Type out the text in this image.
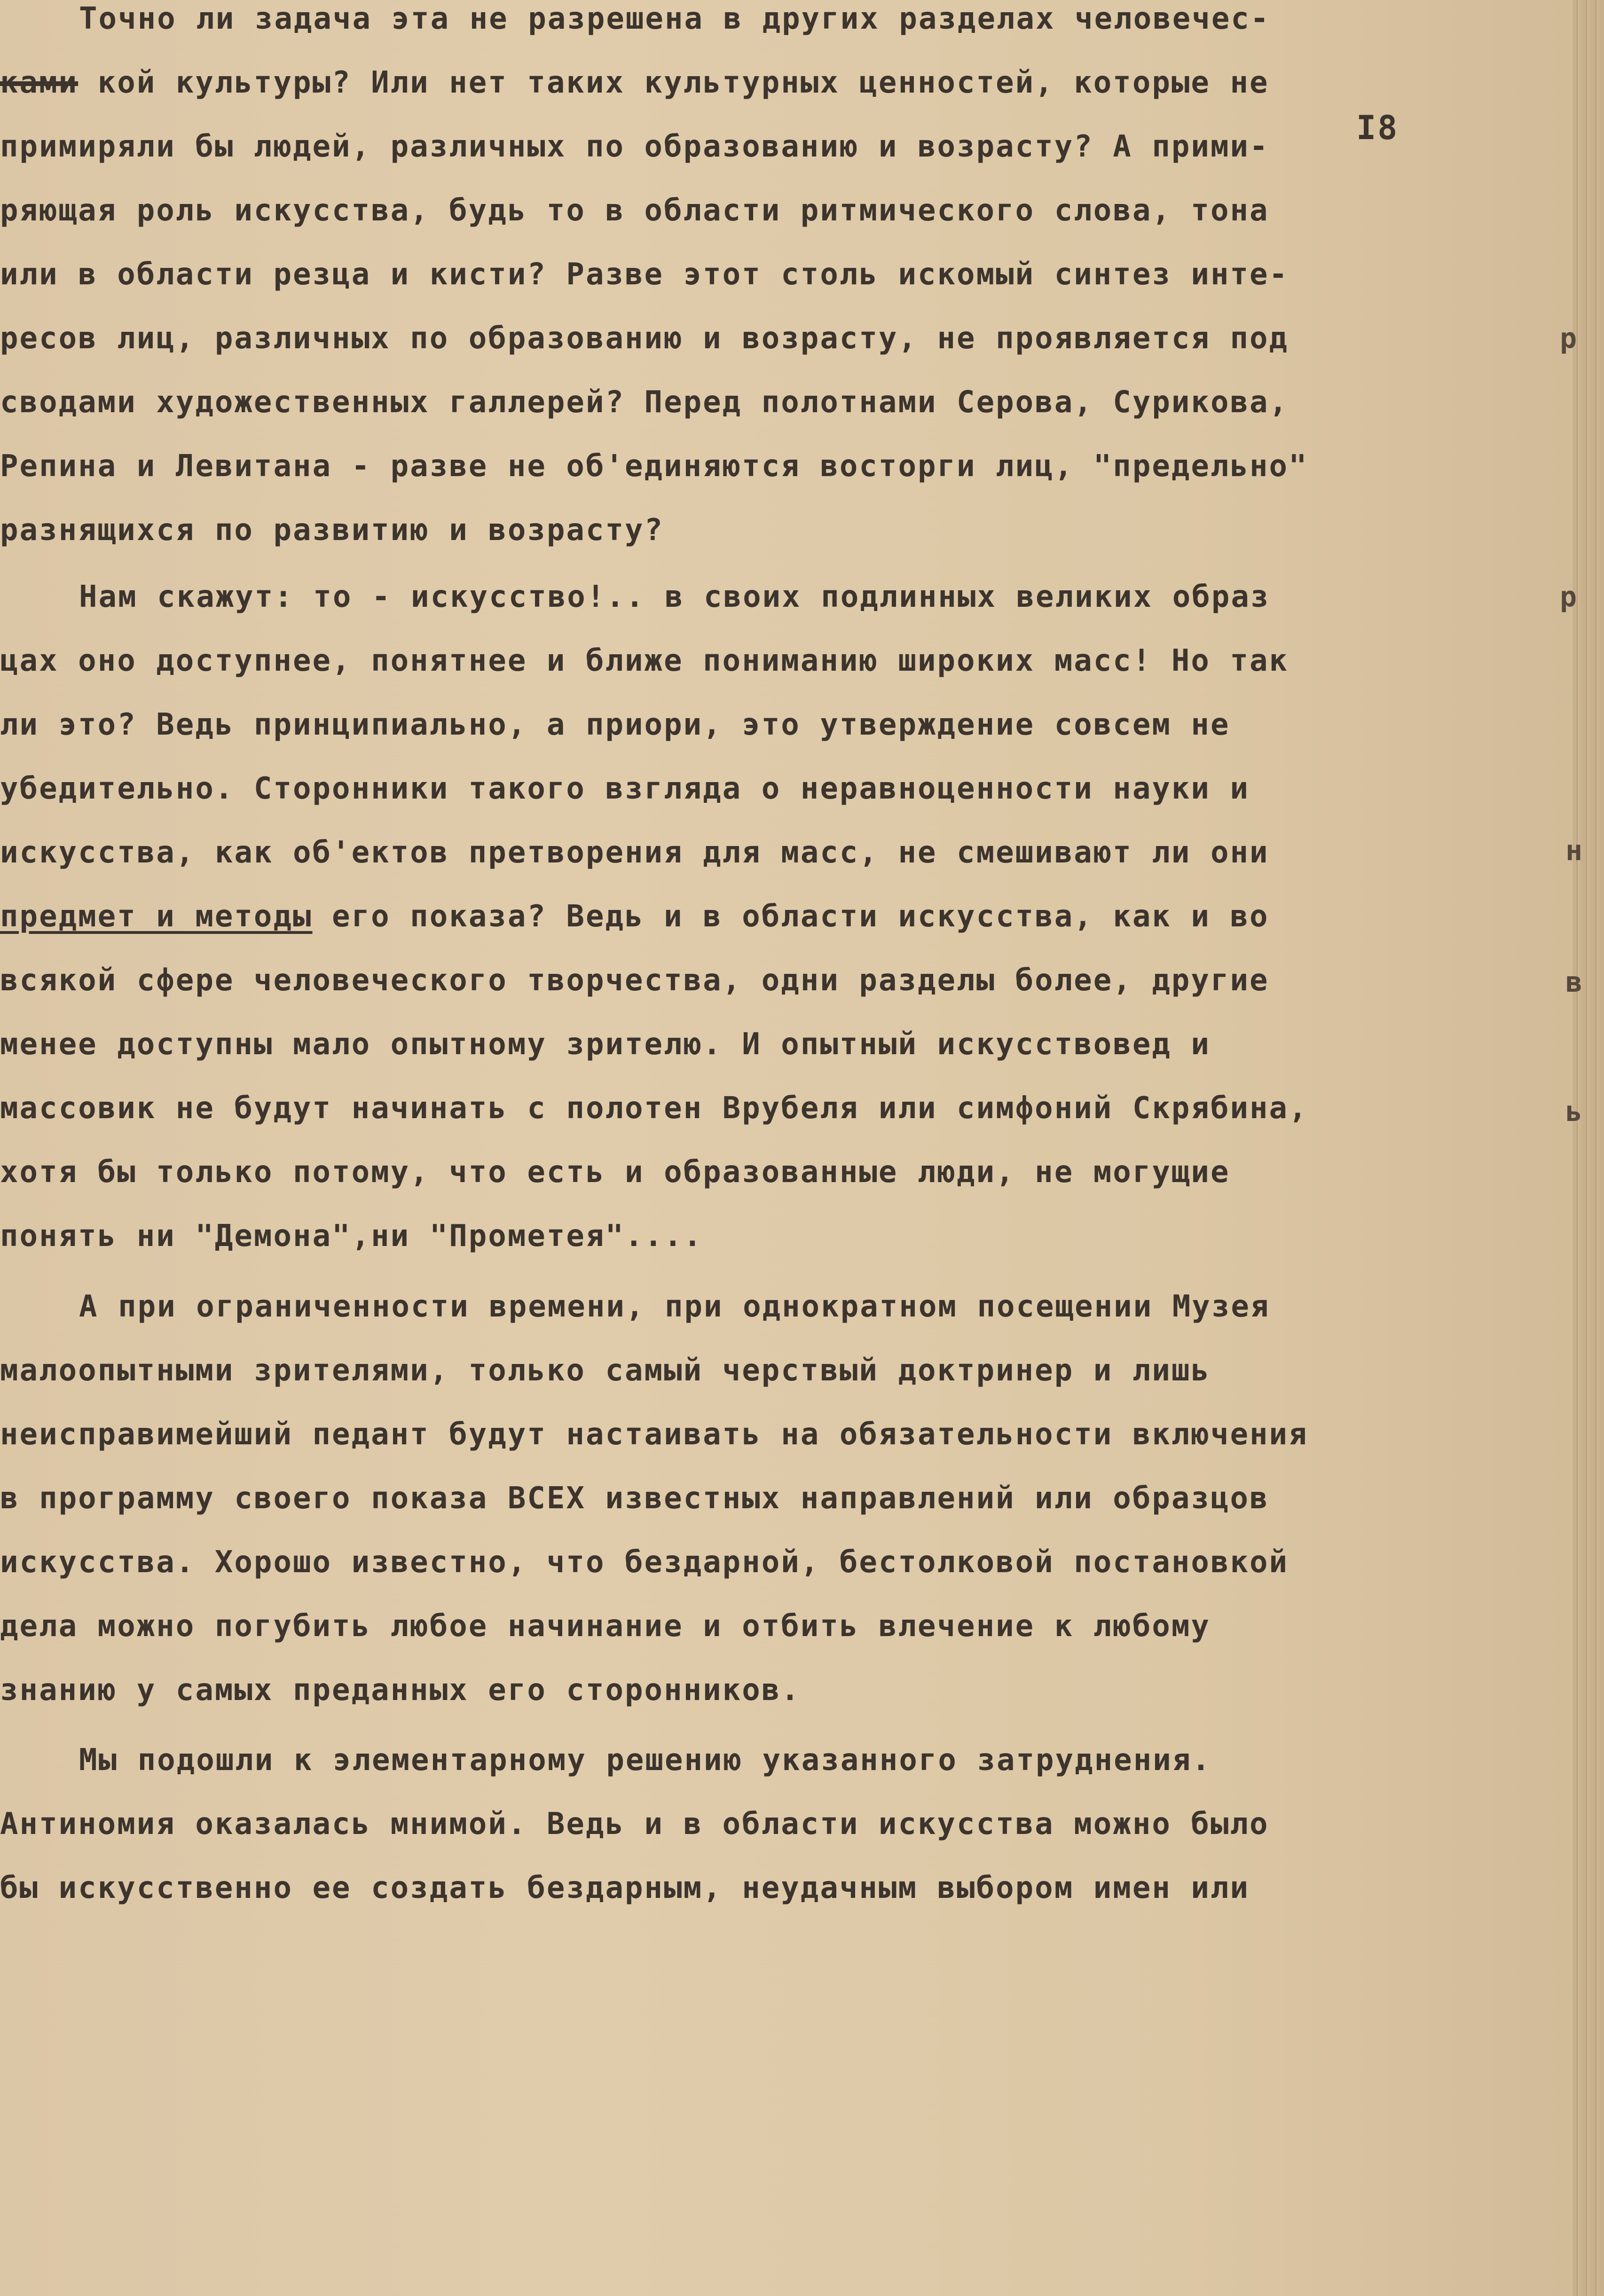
I8
Точно ли задача эта не разрешена в других разделах человечес-
ками кой культуры? Или нет таких культурных ценностей, которые не
примиряли бы людей, различных по образованию и возрасту? А прими-
ряющая роль искусства, будь то в области ритмического слова, тона
или в области резца и кисти? Разве этот столь искомый синтез инте-
ресов лиц, различных по образованию и возрасту, не проявляется под
сводами художественных галлерей? Перед полотнами Серова, Сурикова,
Репина и Левитана - разве не об'единяются восторги лиц, "предельно"
разнящихся по развитию и возрасту?
Нам скажут: то - искусство!.. в своих подлинных великих образ
цах оно доступнее, понятнее и ближе пониманию широких масс! Но так
ли это? Ведь принципиально, а приори, это утверждение совсем не
убедительно. Сторонники такого взгляда о неравноценности науки и
искусства, как об'ектов претворения для масс, не смешивают ли они
предмет и методы его показа? Ведь и в области искусства, как и во
всякой сфере человеческого творчества, одни разделы более, другие
менее доступны мало опытному зрителю. И опытный искусствовед и
массовик не будут начинать с полотен Врубеля или симфоний Скрябина,
хотя бы только потому, что есть и образованные люди, не могущие
понять ни "Демона",ни "Прометея"....
А при ограниченности времени, при однократном посещении Музея
малоопытными зрителями, только самый черствый доктринер и лишь
неисправимейший педант будут настаивать на обязательности включения
в программу своего показа ВСЕХ известных направлений или образцов
искусства. Хорошо известно, что бездарной, бестолковой постановкой
дела можно погубить любое начинание и отбить влечение к любому
знанию у самых преданных его сторонников.
Мы подошли к элементарному решению указанного затруднения.
Антиномия оказалась мнимой. Ведь и в области искусства можно было
бы искусственно ее создать бездарным, неудачным выбором имен или
р
р
н
в
ь
